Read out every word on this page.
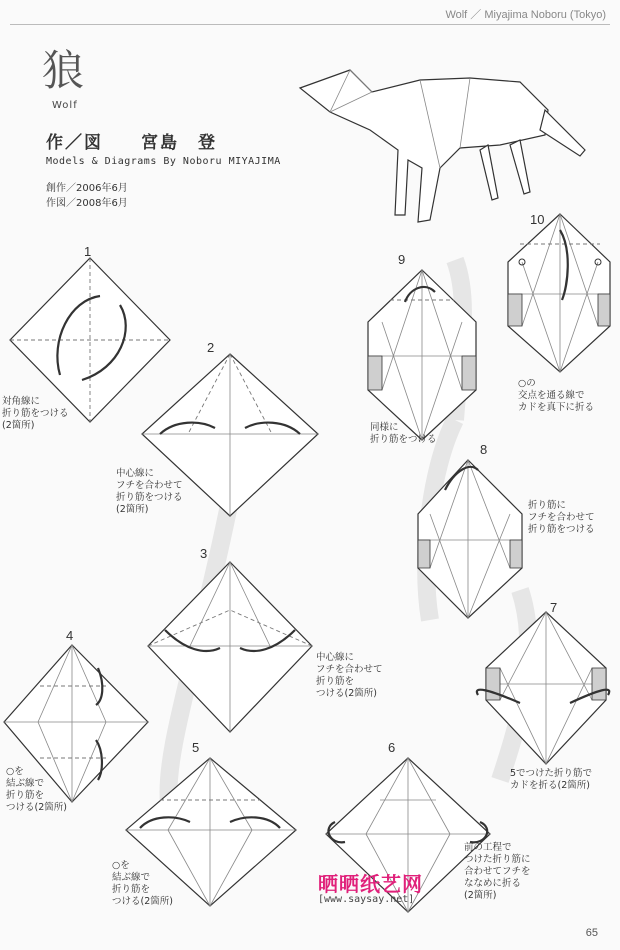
Wolf ／ Miyajima Noboru (Tokyo)
狼
Wolf
作／図　　宮島　登
Models & Diagrams By Noboru MIYAJIMA
創作／2006年6月
作図／2008年6月
1
2
3
4
5	6
7
8
9
10
対角線に
折り筋をつける
(2箇所)
中心線に
フチを合わせて
折り筋をつける
(2箇所)
中心線に
フチを合わせて
折り筋を
つける(2箇所)
○を
結ぶ線で
折り筋を
つける(2箇所)
○を
結ぶ線で
折り筋を
つける(2箇所)
前の工程で
つけた折り筋に
合わせてフチを
ななめに折る
(2箇所)
5でつけた折り筋で
カドを折る(2箇所)
折り筋に
フチを合わせて
折り筋をつける
同様に
折り筋をつける
○の
交点を通る線で
カドを真下に折る
晒晒纸艺网
[www.saysay.net]
65
